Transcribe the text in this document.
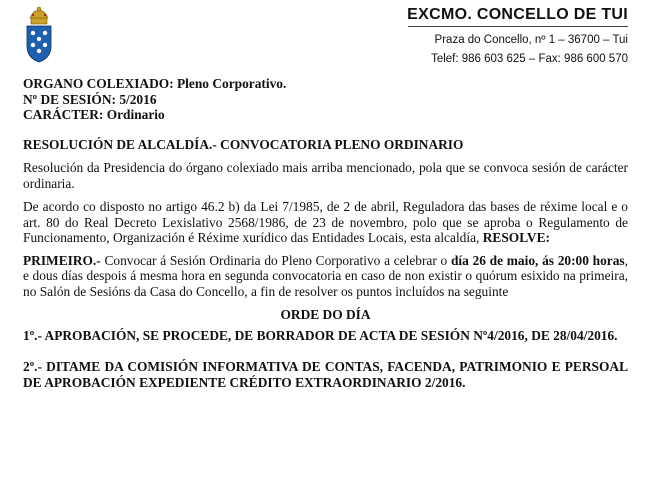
EXCMO. CONCELLO DE TUI
Praza do Concello, nº 1 – 36700 – Tui
Telef: 986 603 625 – Fax: 986 600 570
ORGANO COLEXIADO: Pleno Corporativo.
Nº DE SESIÓN: 5/2016
CARÁCTER: Ordinario
RESOLUCIÓN DE ALCALDÍA.- CONVOCATORIA PLENO ORDINARIO

Resolución da Presidencia do órgano colexiado mais arriba mencionado, pola que se convoca sesión de carácter ordinaria.

De acordo co disposto no artigo 46.2 b) da Lei 7/1985, de 2 de abril, Reguladora das bases de réxime local e o art. 80 do Real Decreto Lexislativo 2568/1986, de 23 de novembro, polo que se aproba o Regulamento de Funcionamento, Organización é Réxime xurídico das Entidades Locais, esta alcaldía, RESOLVE:

PRIMEIRO.- Convocar á Sesión Ordinaria do Pleno Corporativo a celebrar o día 26 de maio, ás 20:00 horas, e dous días despois á mesma hora en segunda convocatoria en caso de non existir o quórum esixido na primeira, no Salón de Sesións da Casa do Concello, a fin de resolver os puntos incluídos na seguinte

ORDE DO DÍA
1º.- APROBACIÓN, SE PROCEDE, DE BORRADOR DE ACTA DE SESIÓN Nº4/2016, DE 28/04/2016.
2º.- DITAME DA COMISIÓN INFORMATIVA DE CONTAS, FACENDA, PATRIMONIO E PERSOAL DE APROBACIÓN EXPEDIENTE CRÉDITO EXTRAORDINARIO 2/2016.
